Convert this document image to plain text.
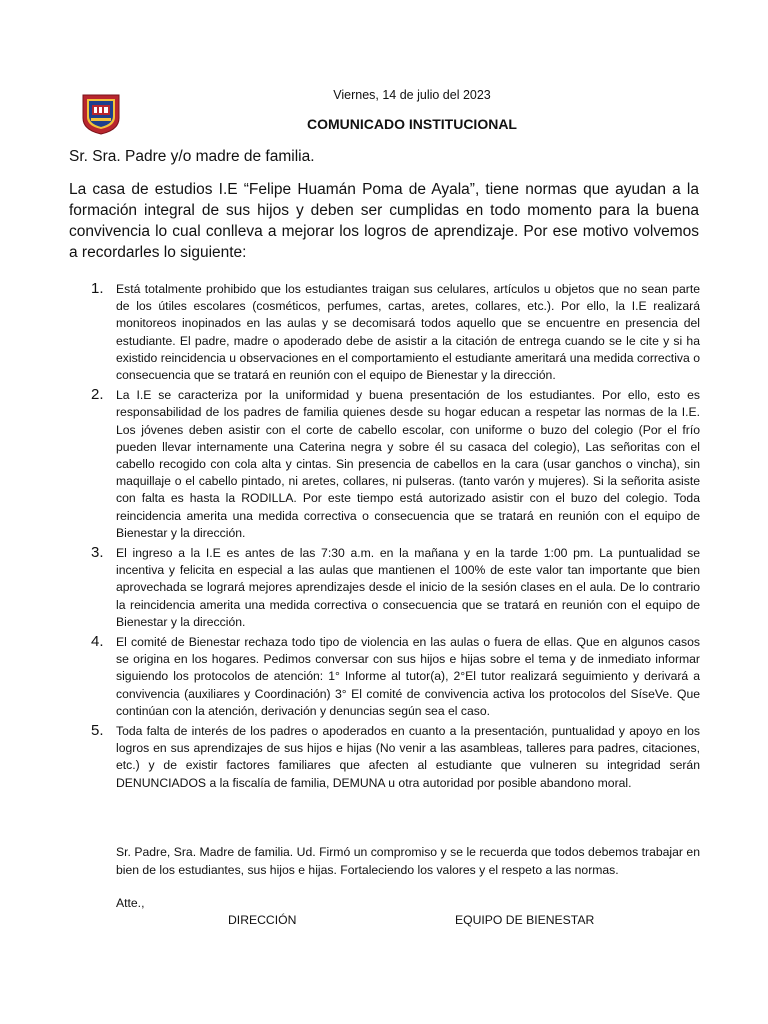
Viernes, 14 de julio del 2023
COMUNICADO INSTITUCIONAL
Sr. Sra. Padre y/o madre de familia.
La casa de estudios I.E “Felipe Huamán Poma de Ayala”, tiene normas que ayudan a la formación integral de sus hijos y deben ser cumplidas en todo momento para la buena convivencia lo cual conlleva a mejorar los logros de aprendizaje. Por ese motivo volvemos a recordarles lo siguiente:
1. Está totalmente prohibido que los estudiantes traigan sus celulares, artículos u objetos que no sean parte de los útiles escolares (cosméticos, perfumes, cartas, aretes, collares, etc.). Por ello, la I.E realizará monitoreos inopinados en las aulas y se decomisará todos aquello que se encuentre en presencia del estudiante. El padre, madre o apoderado debe de asistir a la citación de entrega cuando se le cite y si ha existido reincidencia u observaciones en el comportamiento el estudiante ameritará una medida correctiva o consecuencia que se tratará en reunión con el equipo de Bienestar y la dirección.
2. La I.E se caracteriza por la uniformidad y buena presentación de los estudiantes. Por ello, esto es responsabilidad de los padres de familia quienes desde su hogar educan a respetar las normas de la I.E. Los jóvenes deben asistir con el corte de cabello escolar, con uniforme o buzo del colegio (Por el frío pueden llevar internamente una Caterina negra y sobre él su casaca del colegio), Las señoritas con el cabello recogido con cola alta y cintas. Sin presencia de cabellos en la cara (usar ganchos o vincha), sin maquillaje o el cabello pintado, ni aretes, collares, ni pulseras. (tanto varón y mujeres). Si la señorita asiste con falta es hasta la RODILLA. Por este tiempo está autorizado asistir con el buzo del colegio. Toda reincidencia amerita una medida correctiva o consecuencia que se tratará en reunión con el equipo de Bienestar y la dirección.
3. El ingreso a la I.E es antes de las 7:30 a.m. en la mañana y en la tarde 1:00 pm. La puntualidad se incentiva y felicita en especial a las aulas que mantienen el 100% de este valor tan importante que bien aprovechada se logrará mejores aprendizajes desde el inicio de la sesión clases en el aula. De lo contrario la reincidencia amerita una medida correctiva o consecuencia que se tratará en reunión con el equipo de Bienestar y la dirección.
4. El comité de Bienestar rechaza todo tipo de violencia en las aulas o fuera de ellas. Que en algunos casos se origina en los hogares. Pedimos conversar con sus hijos e hijas sobre el tema y de inmediato informar siguiendo los protocolos de atención: 1° Informe al tutor(a), 2°El tutor realizará seguimiento y derivará a convivencia (auxiliares y Coordinación) 3° El comité de convivencia activa los protocolos del SíseVe. Que continúan con la atención, derivación y denuncias según sea el caso.
5. Toda falta de interés de los padres o apoderados en cuanto a la presentación, puntualidad y apoyo en los logros en sus aprendizajes de sus hijos e hijas (No venir a las asambleas, talleres para padres, citaciones, etc.) y de existir factores familiares que afecten al estudiante que vulneren su integridad serán DENUNCIADOS a la fiscalía de familia, DEMUNA u otra autoridad por posible abandono moral.
Sr. Padre, Sra. Madre de familia. Ud. Firmó un compromiso y se le recuerda que todos debemos trabajar en bien de los estudiantes, sus hijos e hijas. Fortaleciendo los valores y el respeto a las normas.
Atte.,
DIRECCIÓN	EQUIPO DE BIENESTAR
